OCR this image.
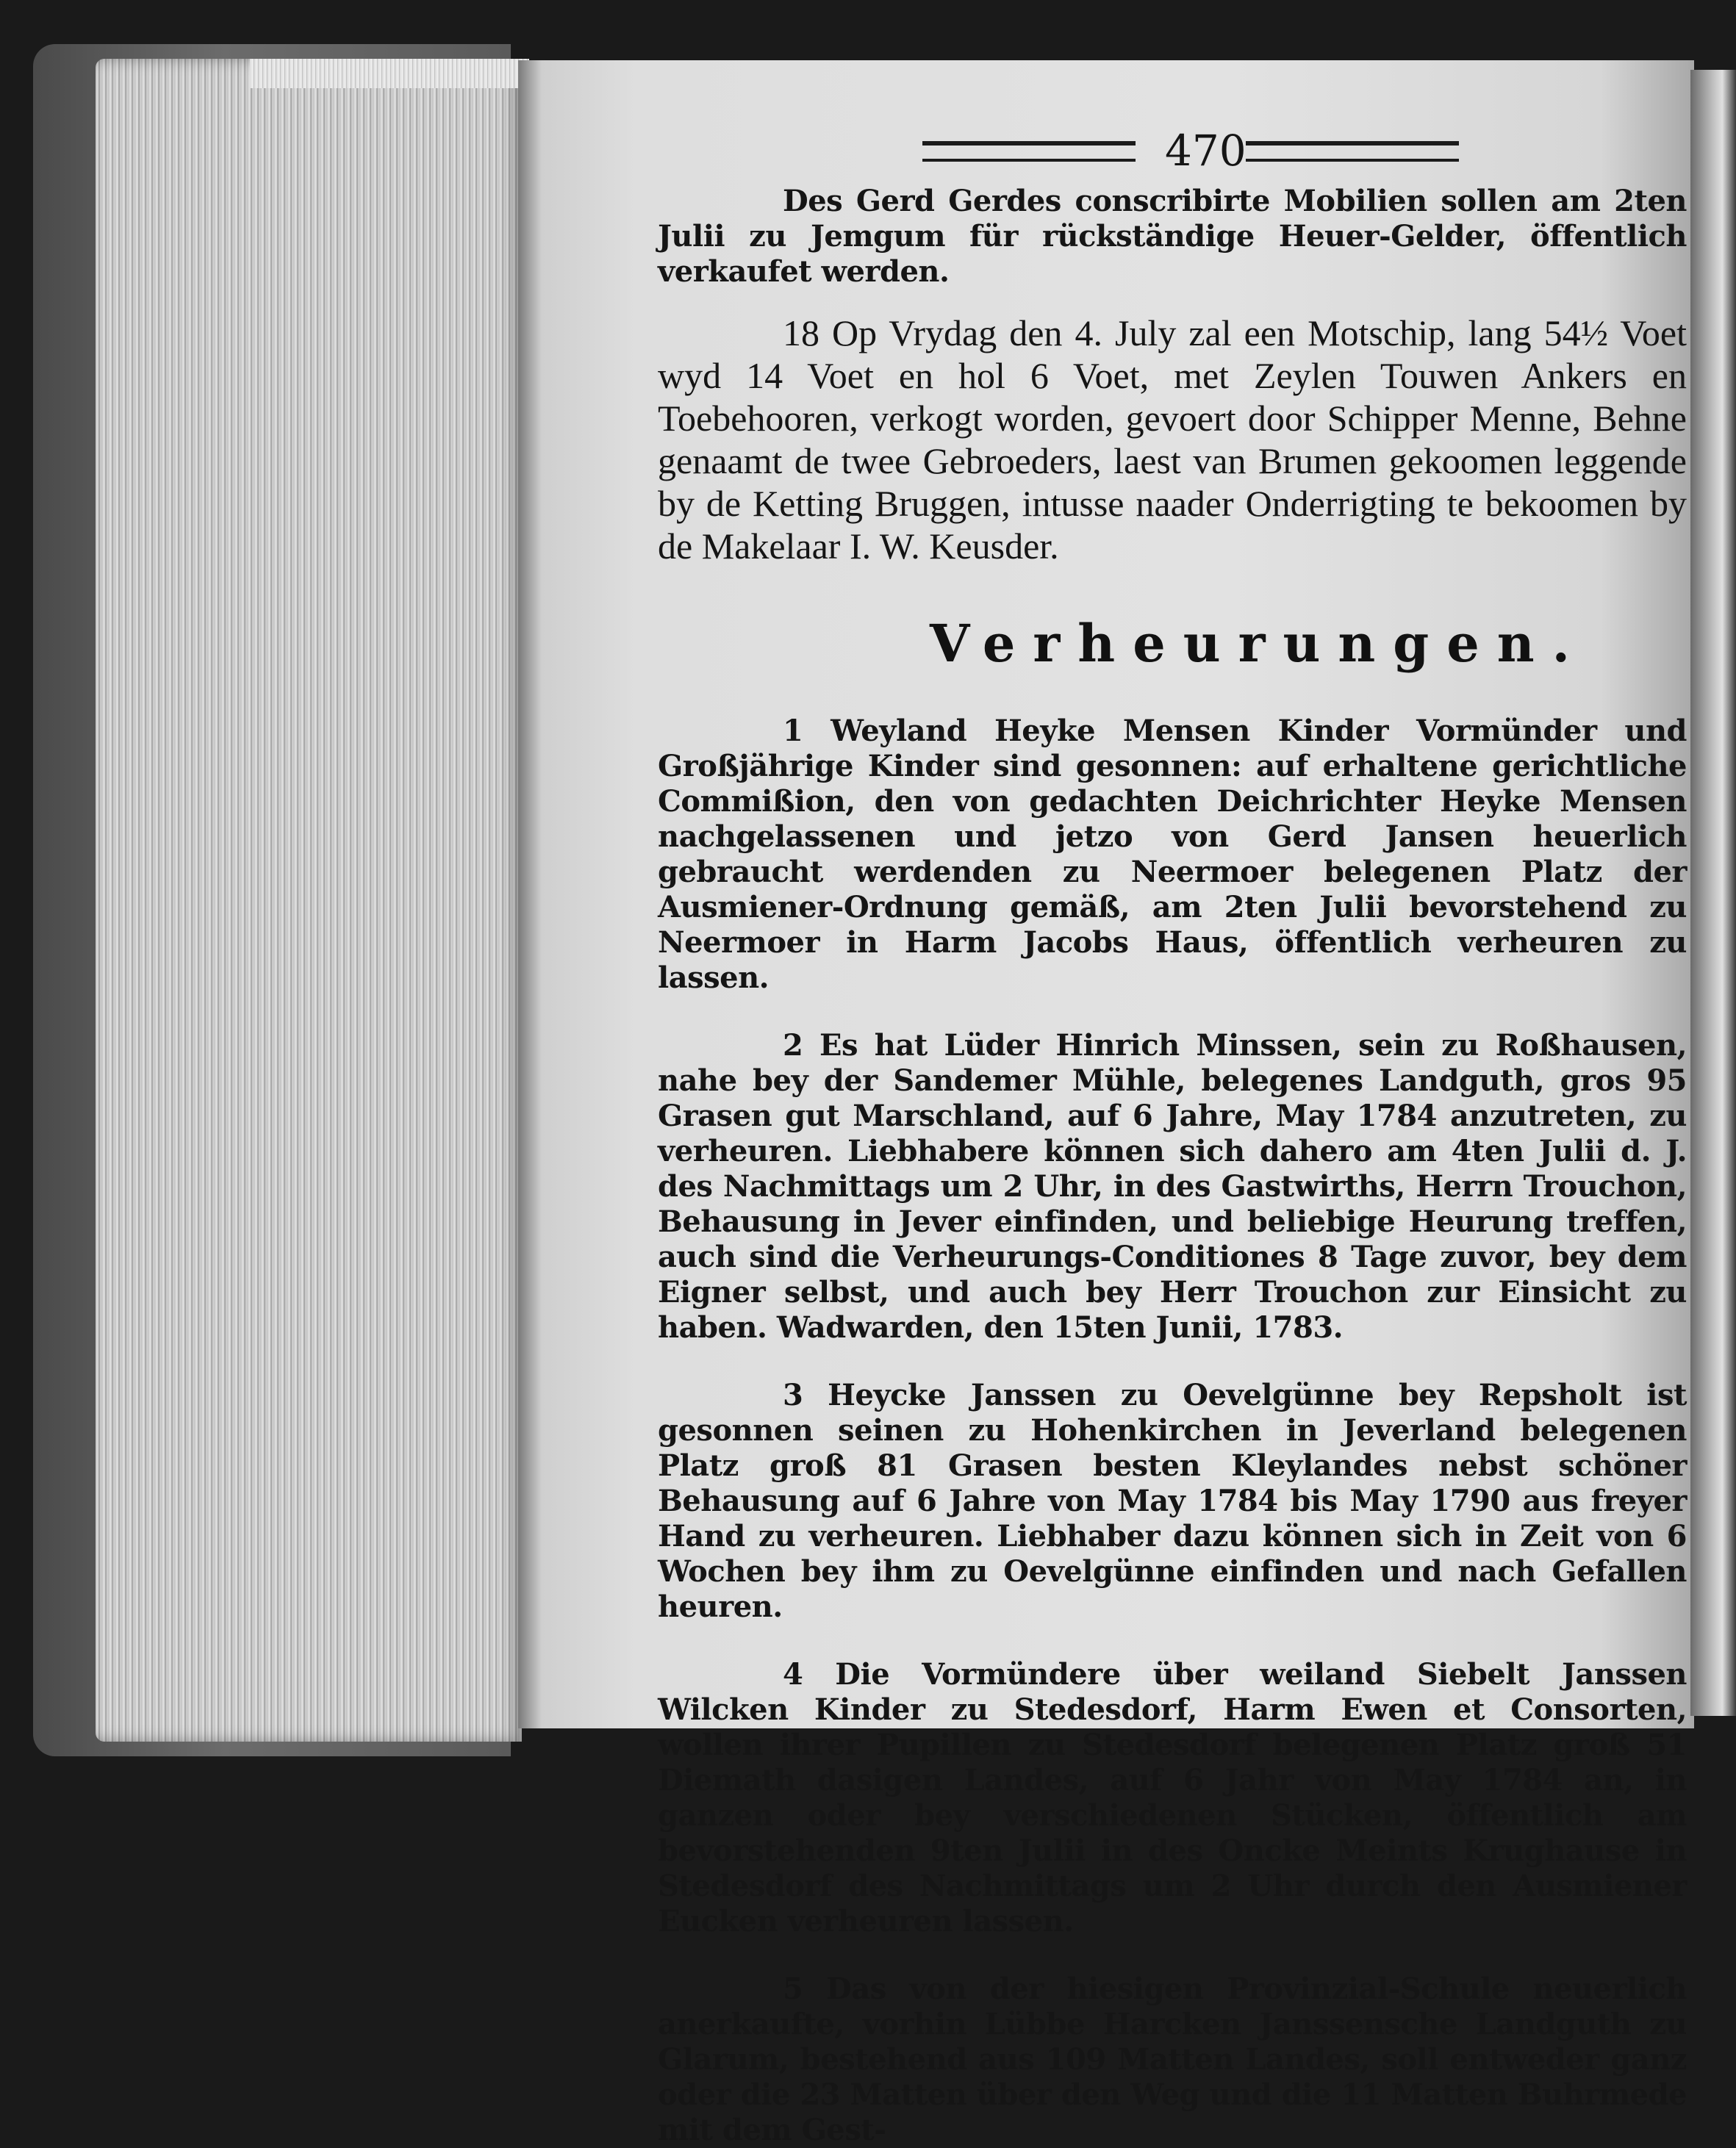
470

Des Gerd Gerdes conscribirte Mobilien sollen am 2ten Julii zu Jemgum für rückständige Heuer-Gelder, öffentlich verkaufet werden.

18 Op Vrydag den 4. July zal een Motschip, lang 54½ Voet wyd 14 Voet en hol 6 Voet, met Zeylen Touwen Ankers en Toebehooren, verkogt worden, gevoert door Schipper Menne, Behne genaamt de twee Gebroeders, laest van Brumen gekoomen leggende by de Ketting Bruggen, intusse naader Onderrigting te bekoomen by de Makelaar I. W. Keusder.

Verheurungen.

1 Weyland Heyke Mensen Kinder Vormünder und Großjährige Kinder sind gesonnen: auf erhaltene gerichtliche Commißion, den von gedachten Deichrichter Heyke Mensen nachgelassenen und jetzo von Gerd Jansen heuerlich gebraucht werdenden zu Neermoer belegenen Platz der Ausmiener-Ordnung gemäß, am 2ten Julii bevorstehend zu Neermoer in Harm Jacobs Haus, öffentlich verheuren zu lassen.

2 Es hat Lüder Hinrich Minssen, sein zu Roßhausen, nahe bey der Sandemer Mühle, belegenes Landguth, gros 95 Grasen gut Marschland, auf 6 Jahre, May 1784 anzutreten, zu verheuren. Liebhabere können sich dahero am 4ten Julii d. J. des Nachmittags um 2 Uhr, in des Gastwirths, Herrn Trouchon, Behausung in Jever einfinden, und beliebige Heurung treffen, auch sind die Verheurungs-Conditiones 8 Tage zuvor, bey dem Eigner selbst, und auch bey Herr Trouchon zur Einsicht zu haben. Wadwarden, den 15ten Junii, 1783.

3 Heycke Janssen zu Oevelgünne bey Repsholt ist gesonnen seinen zu Hohenkirchen in Jeverland belegenen Platz groß 81 Grasen besten Kleylandes nebst schöner Behausung auf 6 Jahre von May 1784 bis May 1790 aus freyer Hand zu verheuren. Liebhaber dazu können sich in Zeit von 6 Wochen bey ihm zu Oevelgünne einfinden und nach Gefallen heuren.

4 Die Vormündere über weiland Siebelt Janssen Wilcken Kinder zu Stedesdorf, Harm Ewen et Consorten, wollen ihrer Pupillen zu Stedesdorf belegenen Platz groß 51 Diemath dasigen Landes, auf 6 Jahr von May 1784 an, in ganzen oder bey verschiedenen Stücken, öffentlich am bevorstehenden 9ten Julii in des Oncke Meints Krughause in Stedesdorf des Nachmittags um 2 Uhr durch den Ausmiener Eucken verheuren lassen.

5 Das von der hiesigen Provinzial-Schule neuerlich anerkaufte, vorhin Lübbe Harcken Janssensche Landguth zu Glarum, bestehend aus 109 Matten Landes, soll entweder ganz oder die 23 Matten über den Weg und die 11 Matten Buhrmede mit dem Gest-
